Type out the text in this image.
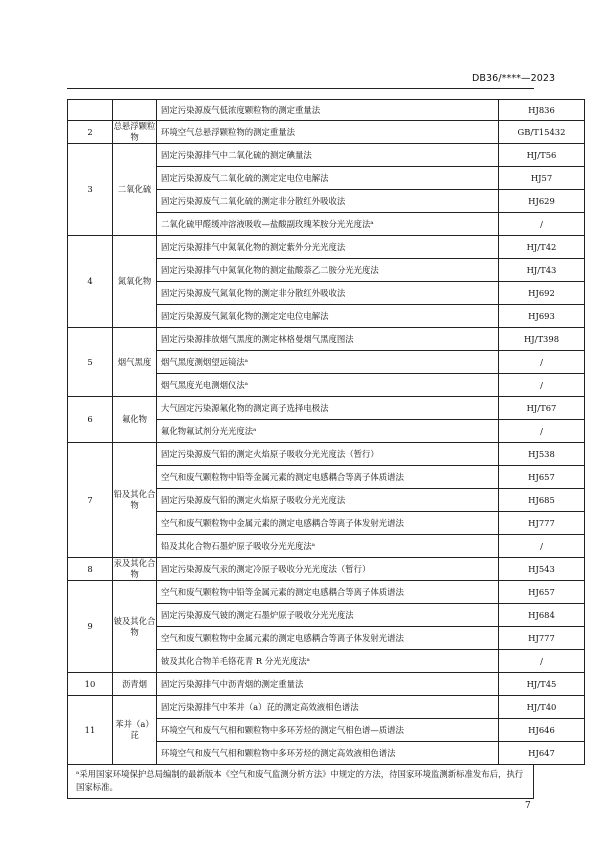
DB36/****—2023
		固定污染源废气低浓度颗粒物的测定重量法	HJ836
2	总悬浮颗粒物	环境空气总悬浮颗粒物的测定重量法	GB/T15432
3	二氧化硫	固定污染源排气中二氧化硫的测定碘量法	HJ/T56
		固定污染源废气二氧化硫的测定定电位电解法	HJ57
		固定污染源废气二氧化硫的测定非分散红外吸收法	HJ629
		二氧化硫甲醛缓冲溶液吸收—盐酸副玫瑰苯胺分光光度法ᵃ	/
4	氮氧化物	固定污染源排气中氮氧化物的测定紫外分光光度法	HJ/T42
		固定污染源排气中氮氧化物的测定盐酸萘乙二胺分光光度法	HJ/T43
		固定污染源废气氮氧化物的测定非分散红外吸收法	HJ692
		固定污染源废气氮氧化物的测定定电位电解法	HJ693
5	烟气黑度	固定污染源排放烟气黑度的测定林格曼烟气黑度图法	HJ/T398
		烟气黑度测烟望远镜法ᵃ	/
		烟气黑度光电测烟仪法ᵃ	/
6	氟化物	大气固定污染源氟化物的测定离子选择电极法	HJ/T67
		氟化物氟试剂分光光度法ᵃ	/
7	铅及其化合物	固定污染源废气铅的测定火焰原子吸收分光光度法（暂行）	HJ538
		空气和废气颗粒物中铅等金属元素的测定电感耦合等离子体质谱法	HJ657
		固定污染源废气铅的测定火焰原子吸收分光光度法	HJ685
		空气和废气颗粒物中金属元素的测定电感耦合等离子体发射光谱法	HJ777
		铅及其化合物石墨炉原子吸收分光光度法ᵃ	/
8	汞及其化合物	固定污染源废气汞的测定冷原子吸收分光光度法（暂行）	HJ543
9	铍及其化合物	空气和废气颗粒物中铅等金属元素的测定电感耦合等离子体质谱法	HJ657
		固定污染源废气铍的测定石墨炉原子吸收分光光度法	HJ684
		空气和废气颗粒物中金属元素的测定电感耦合等离子体发射光谱法	HJ777
		铍及其化合物羊毛铬花青 R 分光光度法ᵃ	/
10	沥青烟	固定污染源排气中沥青烟的测定重量法	HJ/T45
11	苯并（a）芘	固定污染源排气中苯并（a）芘的测定高效液相色谱法	HJ/T40
		环境空气和废气气相和颗粒物中多环芳烃的测定气相色谱—质谱法	HJ646
		环境空气和废气气相和颗粒物中多环芳烃的测定高效液相色谱法	HJ647
ᵃ采用国家环境保护总局编制的最新版本《空气和废气监测分析方法》中规定的方法，待国家环境监测新标准发布后，执行国家标准。
7
